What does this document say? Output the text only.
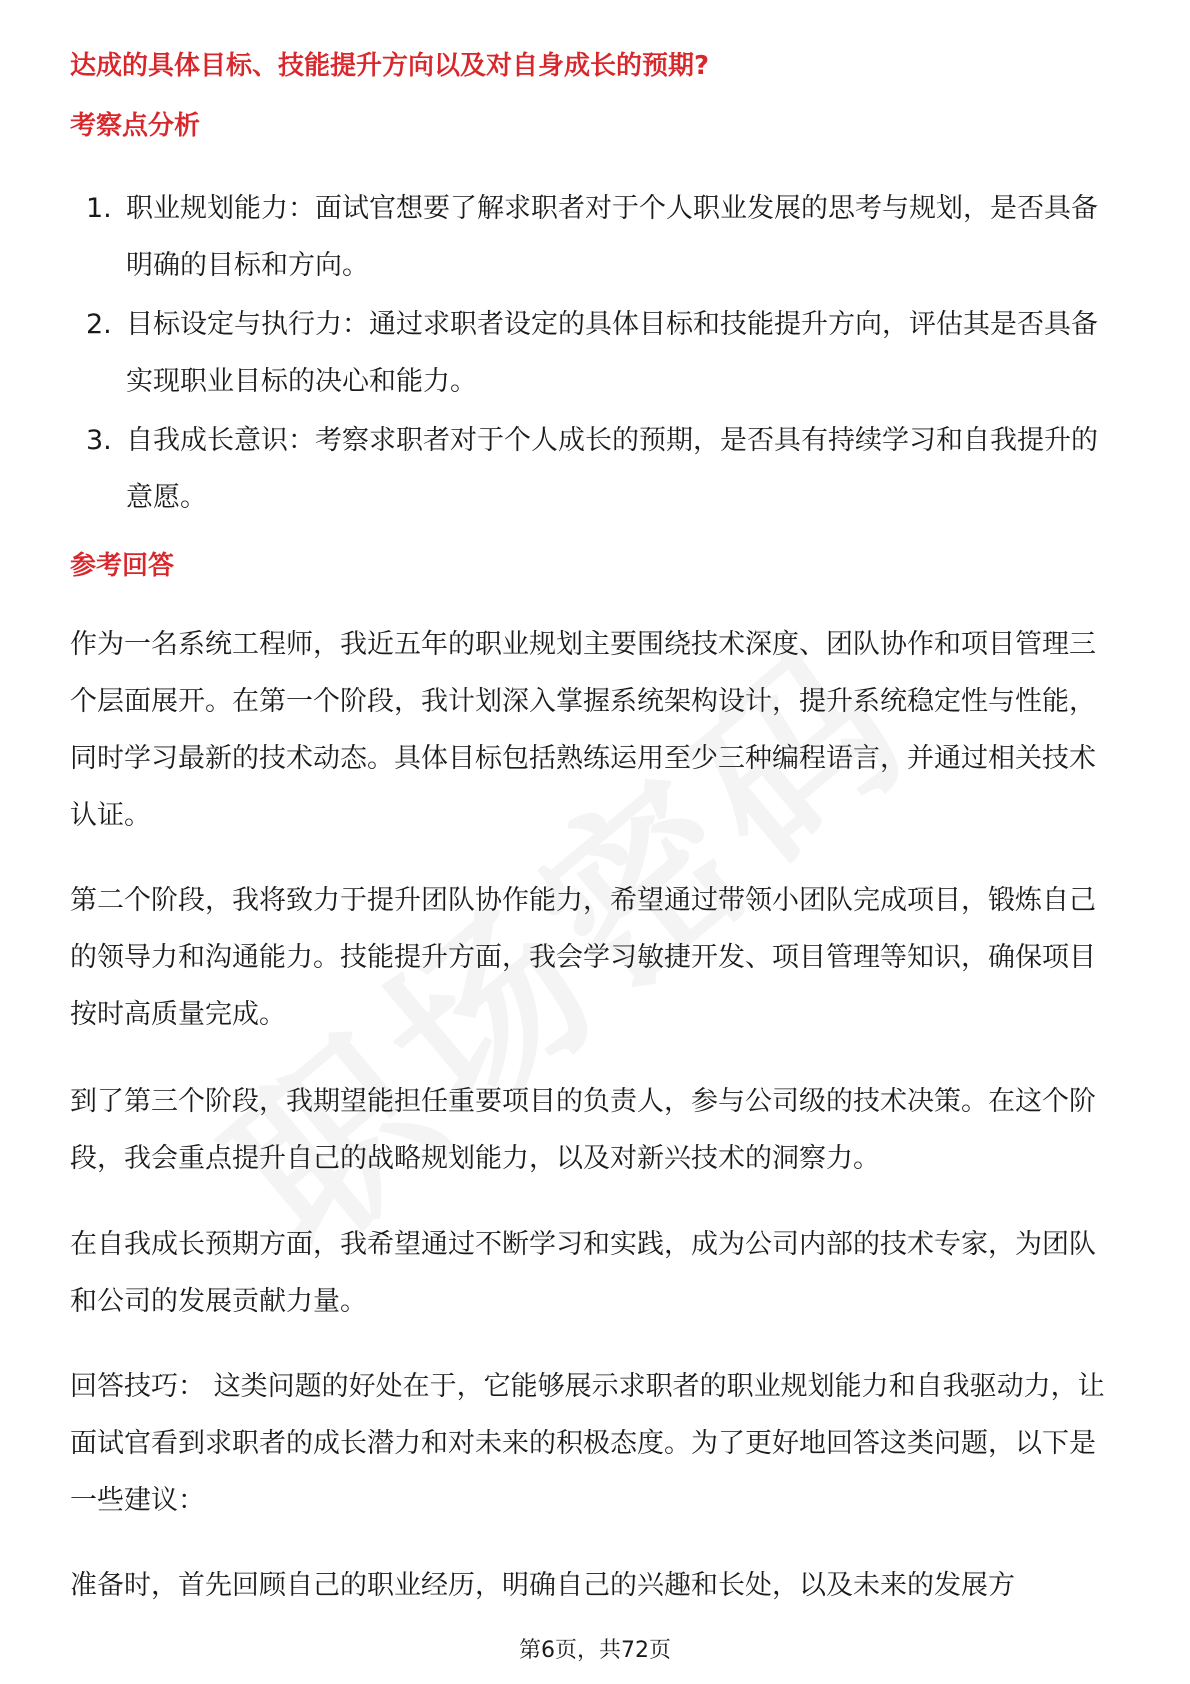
达成的具体目标、技能提升方向以及对自身成长的预期?

考察点分析

1. 职业规划能力：面试官想要了解求职者对于个人职业发展的思考与规划，是否具备明确的目标和方向。
2. 目标设定与执行力：通过求职者设定的具体目标和技能提升方向，评估其是否具备实现职业目标的决心和能力。
3. 自我成长意识：考察求职者对于个人成长的预期，是否具有持续学习和自我提升的意愿。

参考回答

作为一名系统工程师，我近五年的职业规划主要围绕技术深度、团队协作和项目管理三个层面展开。在第一个阶段，我计划深入掌握系统架构设计，提升系统稳定性与性能，同时学习最新的技术动态。具体目标包括熟练运用至少三种编程语言，并通过相关技术认证。

第二个阶段，我将致力于提升团队协作能力，希望通过带领小团队完成项目，锻炼自己的领导力和沟通能力。技能提升方面，我会学习敏捷开发、项目管理等知识，确保项目按时高质量完成。

到了第三个阶段，我期望能担任重要项目的负责人，参与公司级的技术决策。在这个阶段，我会重点提升自己的战略规划能力，以及对新兴技术的洞察力。

在自我成长预期方面，我希望通过不断学习和实践，成为公司内部的技术专家，为团队和公司的发展贡献力量。

回答技巧： 这类问题的好处在于，它能够展示求职者的职业规划能力和自我驱动力，让面试官看到求职者的成长潜力和对未来的积极态度。为了更好地回答这类问题，以下是一些建议：

准备时，首先回顾自己的职业经历，明确自己的兴趣和长处，以及未来的发展方

第6页，共72页
